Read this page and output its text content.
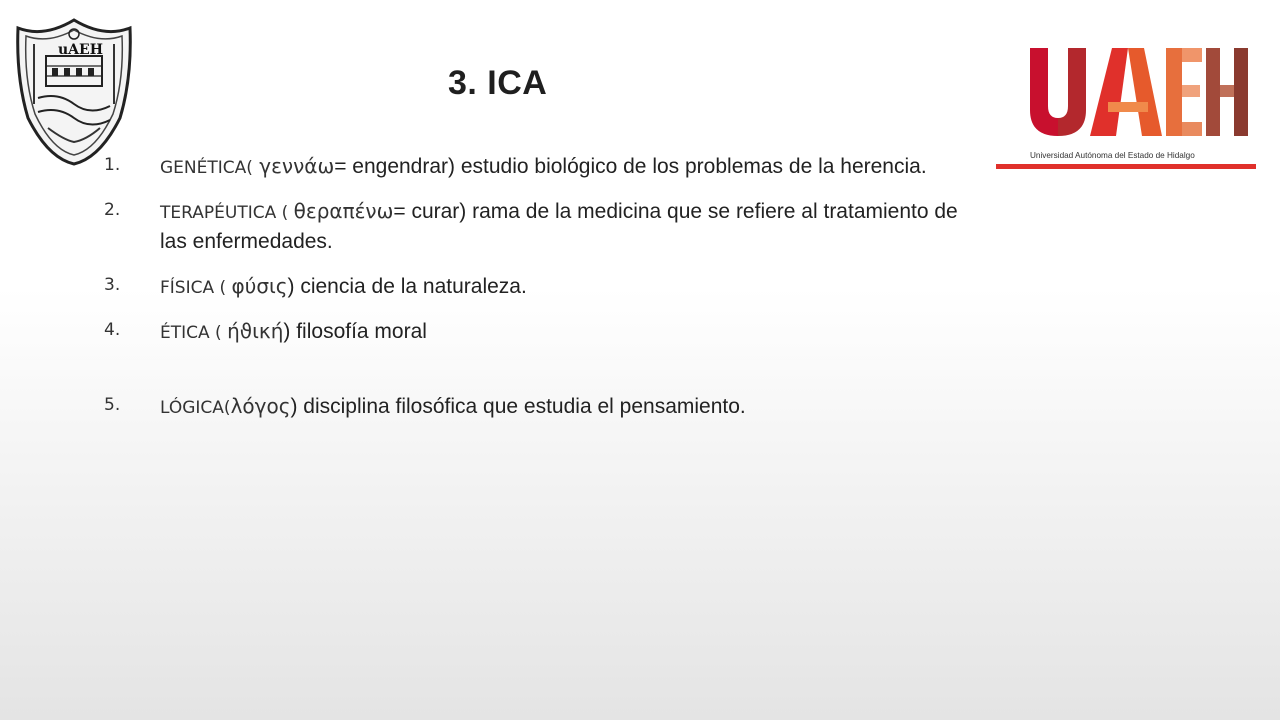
uAEH
Universidad Autónoma del Estado de Hidalgo
3. ICA
1. GENÉTICA( γεννάω= engendrar) estudio biológico de los problemas de la herencia.
2. TERAPÉUTICA ( θεραπένω= curar) rama de la medicina que se refiere al tratamiento de las enfermedades.
3. FÍSICA ( φύσις) ciencia de la naturaleza.
4. ÉTICA ( ήϑική) filosofía moral
5. LÓGICA(λόγος) disciplina filosófica que estudia el pensamiento.
